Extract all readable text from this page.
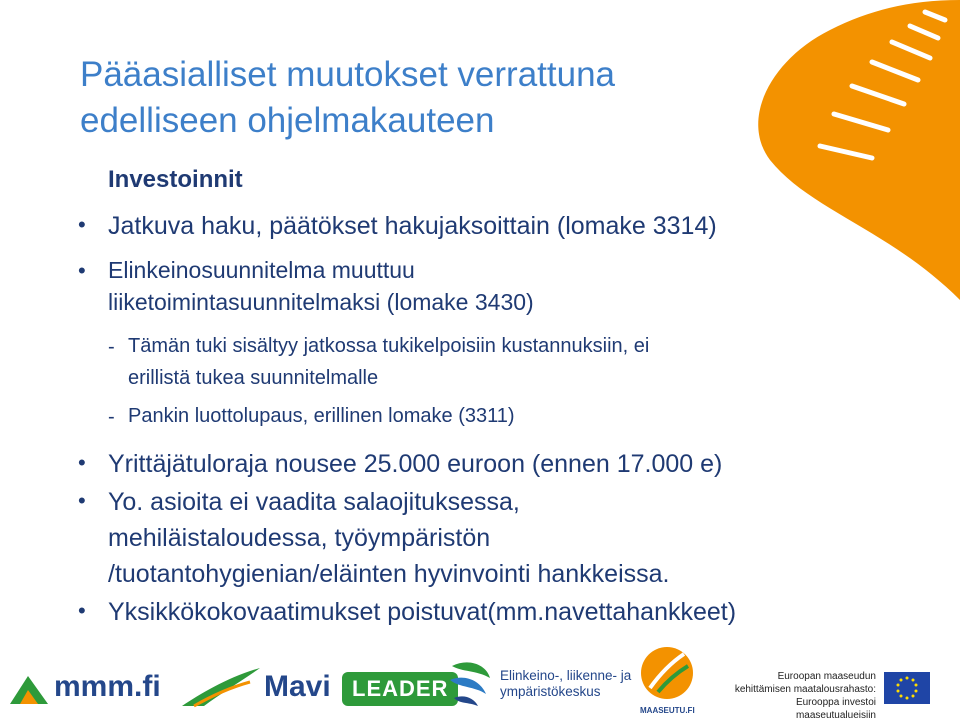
Pääasialliset muutokset verrattuna edelliseen ohjelmakauteen
Investoinnit
• Jatkuva haku, päätökset hakujaksoittain (lomake 3314)
• Elinkeinosuunnitelma muuttuu
liiketoimintasuunnitelmaksi (lomake 3430)
- Tämän tuki sisältyy jatkossa tukikelpoisiin kustannuksiin, ei
erillistä tukea suunnitelmalle
- Pankin luottolupaus, erillinen lomake (3311)
• Yrittäjätuloraja nousee 25.000 euroon (ennen 17.000 e)
• Yo. asioita ei vaadita salaojituksessa,
mehiläistaloudessa, työympäristön
/tuotantohygienian/eläinten hyvinvointi hankkeissa.
• Yksikkökokovaatimukset poistuvat(mm.navettahankkeet)
mmm.fi	Mavi LEADER
Elinkeino-, liikenne- ja
ympäristökeskus
MAASEUTU.FI
Euroopan maaseudun
kehittämisen maatalousrahasto:
Eurooppa investoi maaseutualueisiin
